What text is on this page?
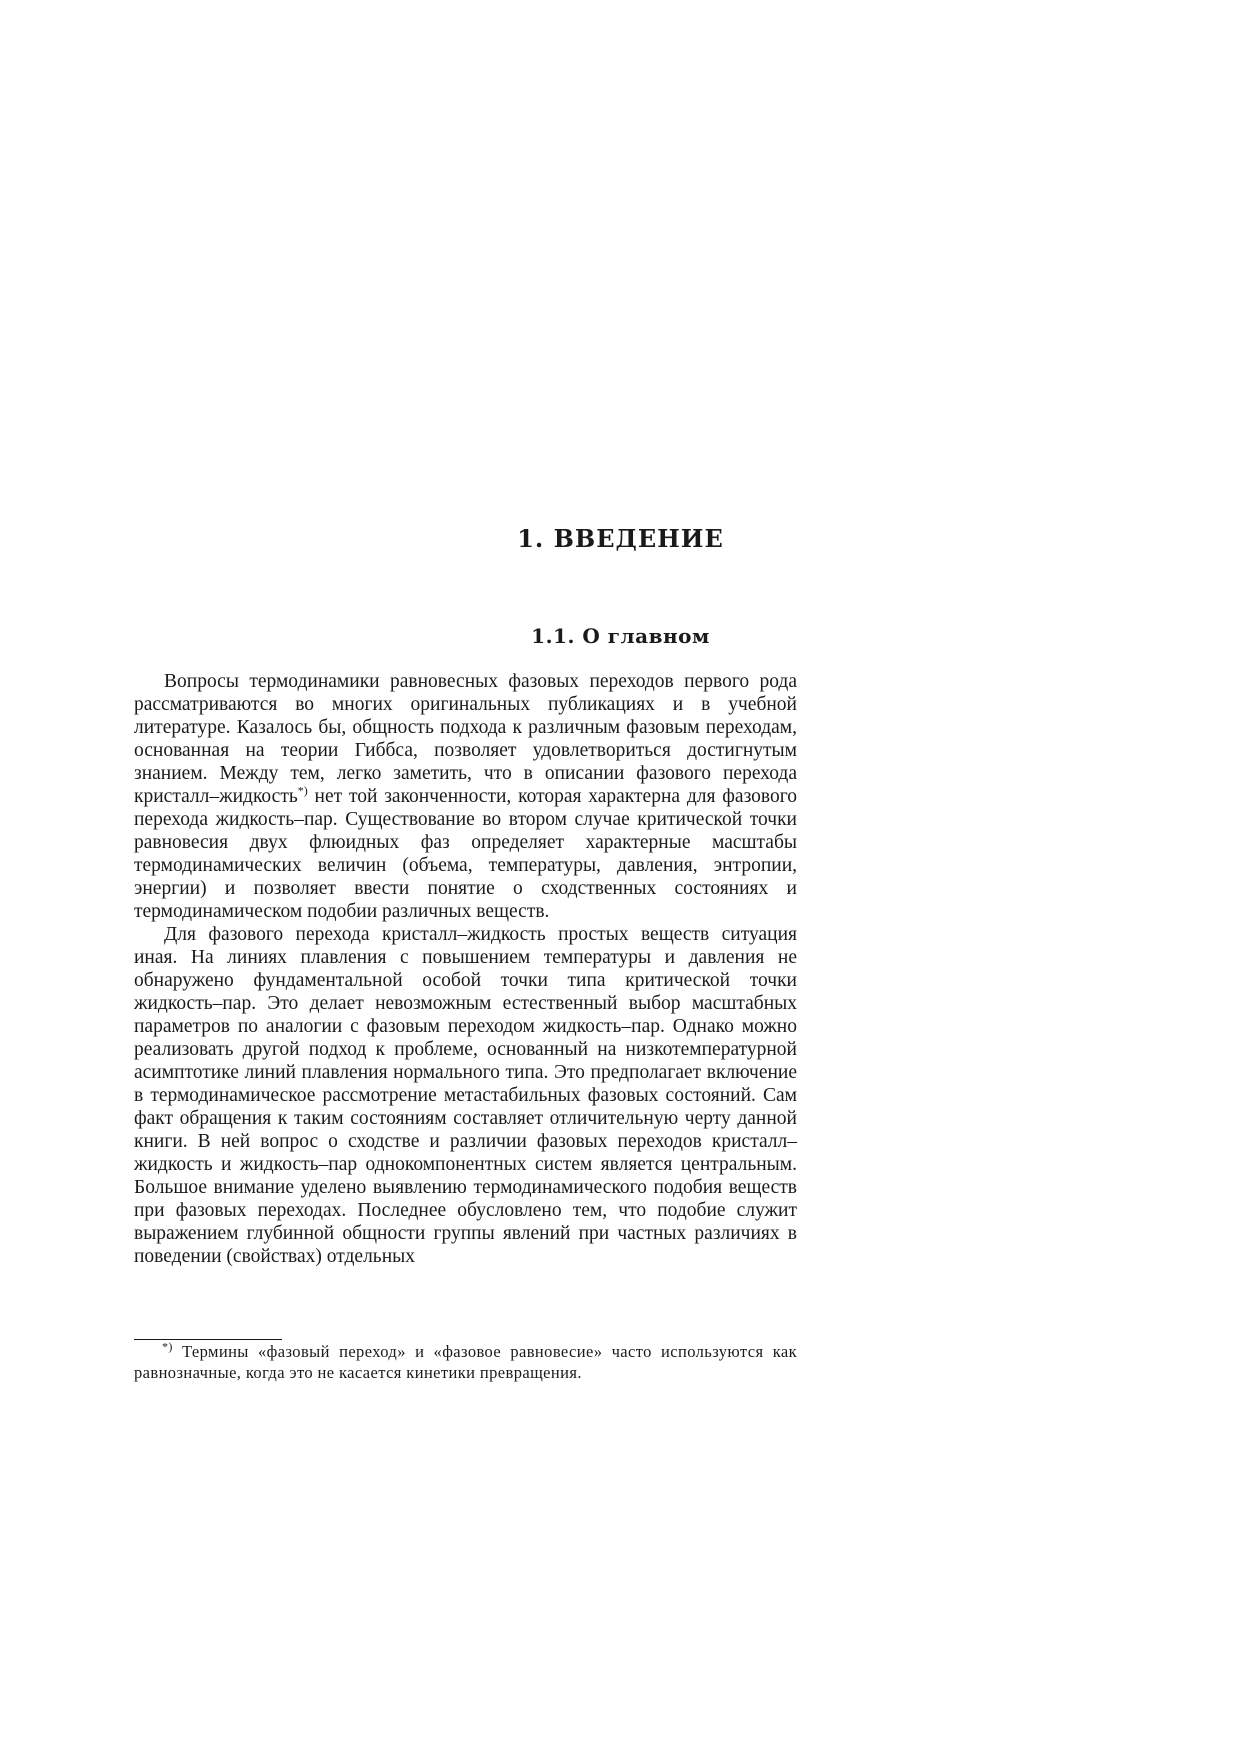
1. ВВЕДЕНИЕ
1.1. О главном

Вопросы термодинамики равновесных фазовых переходов первого рода рассматриваются во многих оригинальных публикациях и в учебной литературе. Казалось бы, общность подхода к различным фазовым переходам, основанная на теории Гиббса, позволяет удовлетвориться достигнутым знанием. Между тем, легко заметить, что в описании фазового перехода кристалл–жидкость*) нет той законченности, которая характерна для фазового перехода жидкость–пар. Существование во втором случае критической точки равновесия двух флюидных фаз определяет характерные масштабы термодинамических величин (объема, температуры, давления, энтропии, энергии) и позволяет ввести понятие о сходственных состояниях и термодинамическом подобии различных веществ.

Для фазового перехода кристалл–жидкость простых веществ ситуация иная. На линиях плавления с повышением температуры и давления не обнаружено фундаментальной особой точки типа критической точки жидкость–пар. Это делает невозможным естественный выбор масштабных параметров по аналогии с фазовым переходом жидкость–пар. Однако можно реализовать другой подход к проблеме, основанный на низкотемпературной асимптотике линий плавления нормального типа. Это предполагает включение в термодинамическое рассмотрение метастабильных фазовых состояний. Сам факт обращения к таким состояниям составляет отличительную черту данной книги. В ней вопрос о сходстве и различии фазовых переходов кристалл–жидкость и жидкость–пар однокомпонентных систем является центральным. Большое внимание уделено выявлению термодинамического подобия веществ при фазовых переходах. Последнее обусловлено тем, что подобие служит выражением глубинной общности группы явлений при частных различиях в поведении (свойствах) отдельных

*) Термины «фазовый переход» и «фазовое равновесие» часто используются как равнозначные, когда это не касается кинетики превращения.
